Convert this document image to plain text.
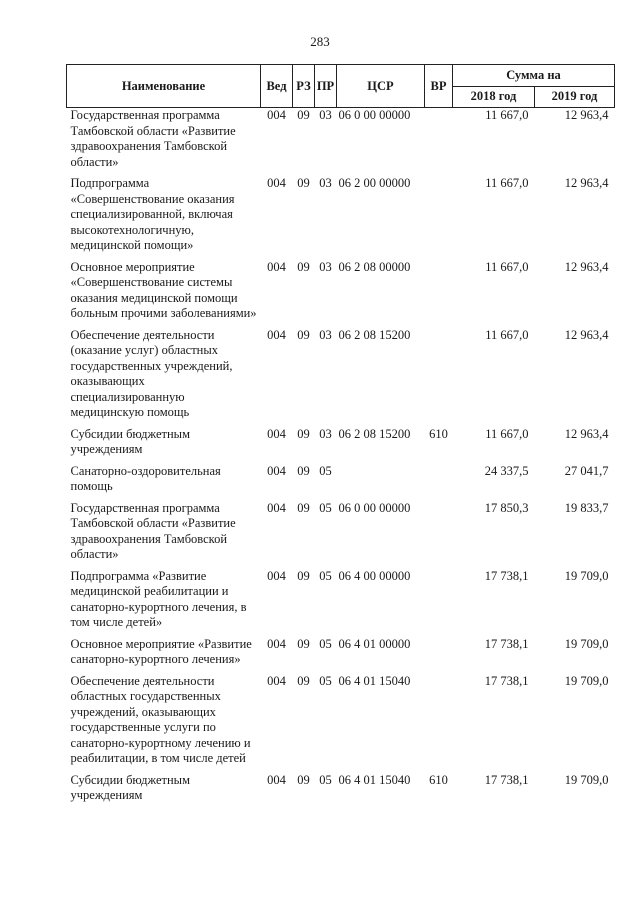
283
Наименование	Вед	РЗ	ПР	ЦСР	ВР	Сумма на	
						2018 год	2019 год
Государственная программа Тамбовской области «Развитие здравоохранения Тамбовской области»	004	09	03	06 0 00 00000		11 667,0	12 963,4
Подпрограмма «Совершенствование оказания специализированной, включая высокотехнологичную, медицинской помощи»	004	09	03	06 2 00 00000		11 667,0	12 963,4
Основное мероприятие «Совершенствование системы оказания медицинской помощи больным прочими заболеваниями»	004	09	03	06 2 08 00000		11 667,0	12 963,4
Обеспечение деятельности (оказание услуг) областных государственных учреждений, оказывающих специализированную медицинскую помощь	004	09	03	06 2 08 15200		11 667,0	12 963,4
Субсидии бюджетным учреждениям	004	09	03	06 2 08 15200	610	11 667,0	12 963,4
Санаторно-оздоровительная помощь	004	09	05			24 337,5	27 041,7
Государственная программа Тамбовской области «Развитие здравоохранения Тамбовской области»	004	09	05	06 0 00 00000		17 850,3	19 833,7
Подпрограмма «Развитие медицинской реабилитации и санаторно-курортного лечения, в том числе детей»	004	09	05	06 4 00 00000		17 738,1	19 709,0
Основное мероприятие «Развитие санаторно-курортного лечения»	004	09	05	06 4 01 00000		17 738,1	19 709,0
Обеспечение деятельности областных государственных учреждений, оказывающих государственные услуги по санаторно-курортному лечению и реабилитации, в том числе детей	004	09	05	06 4 01 15040		17 738,1	19 709,0
Субсидии бюджетным учреждениям	004	09	05	06 4 01 15040	610	17 738,1	19 709,0
